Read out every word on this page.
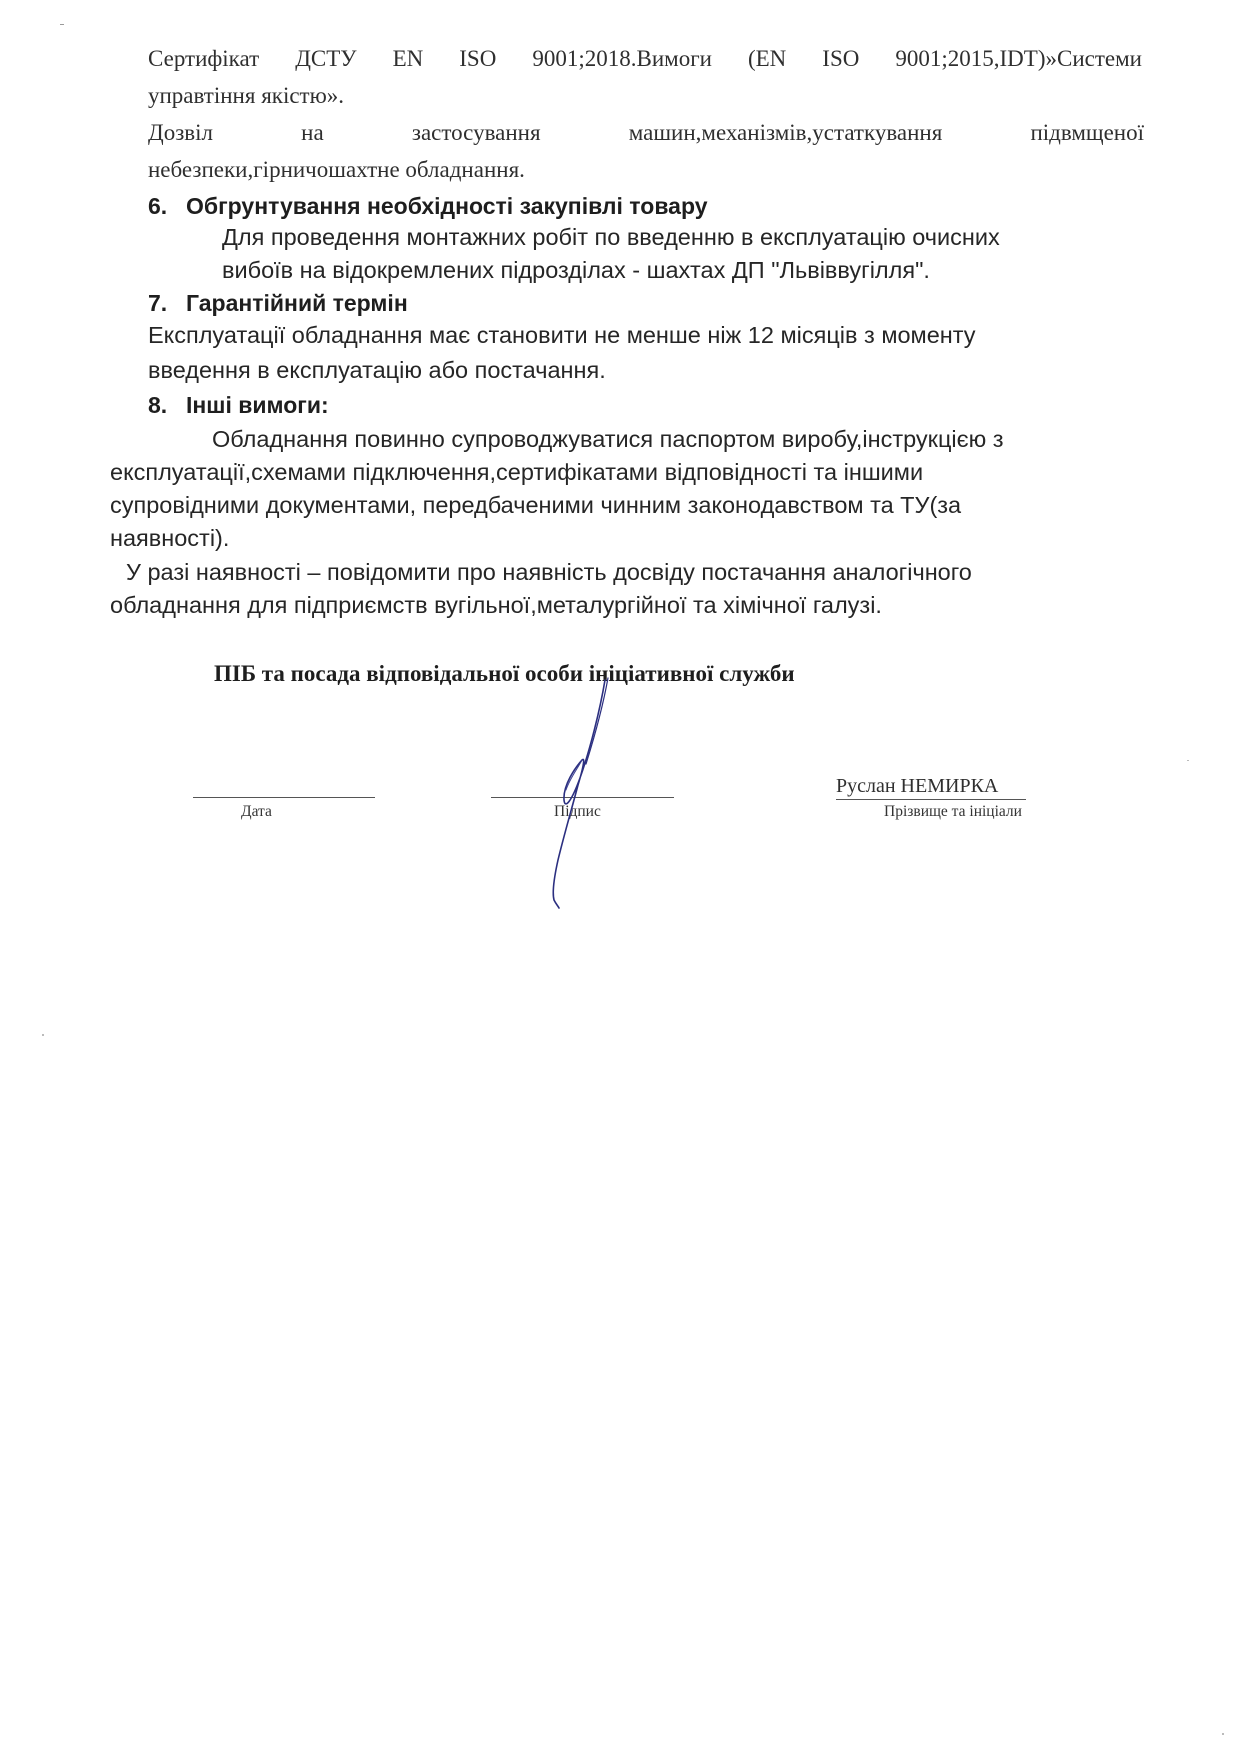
Сертифікат ДСТУ EN ISO 9001;2018.Вимоги (EN ISO 9001;2015,IDT)»Системи
управтіння якістю».
Дозвіл	на	застосування	машин,механізмів,устаткування	підвмщеної
небезпеки,гірничошахтне обладнання.
6. Обгрунтування необхідності закупівлі товару
Для проведення монтажних робіт по введенню в експлуатацію очисних
вибоїв на відокремлених підрозділах - шахтах ДП "Львіввугілля".
7. Гарантійний термін
Експлуатації обладнання має становити не менше ніж 12 місяців з моменту
введення в експлуатацію або постачання.
8. Інші вимоги:
Обладнання повинно супроводжуватися паспортом виробу,інструкцією з
експлуатації,схемами підключення,сертифікатами відповідності та іншими
супровідними документами, передбаченими чинним законодавством та ТУ(за
наявності).
У разі наявності – повідомити про наявність досвіду постачання аналогічного
обладнання для підприємств вугільної,металургійної та хімічної галузі.
ПІБ та посада відповідальної особи ініціативної служби
Руслан НЕМИРКА
Дата	Підпис	Прізвище та ініціали
